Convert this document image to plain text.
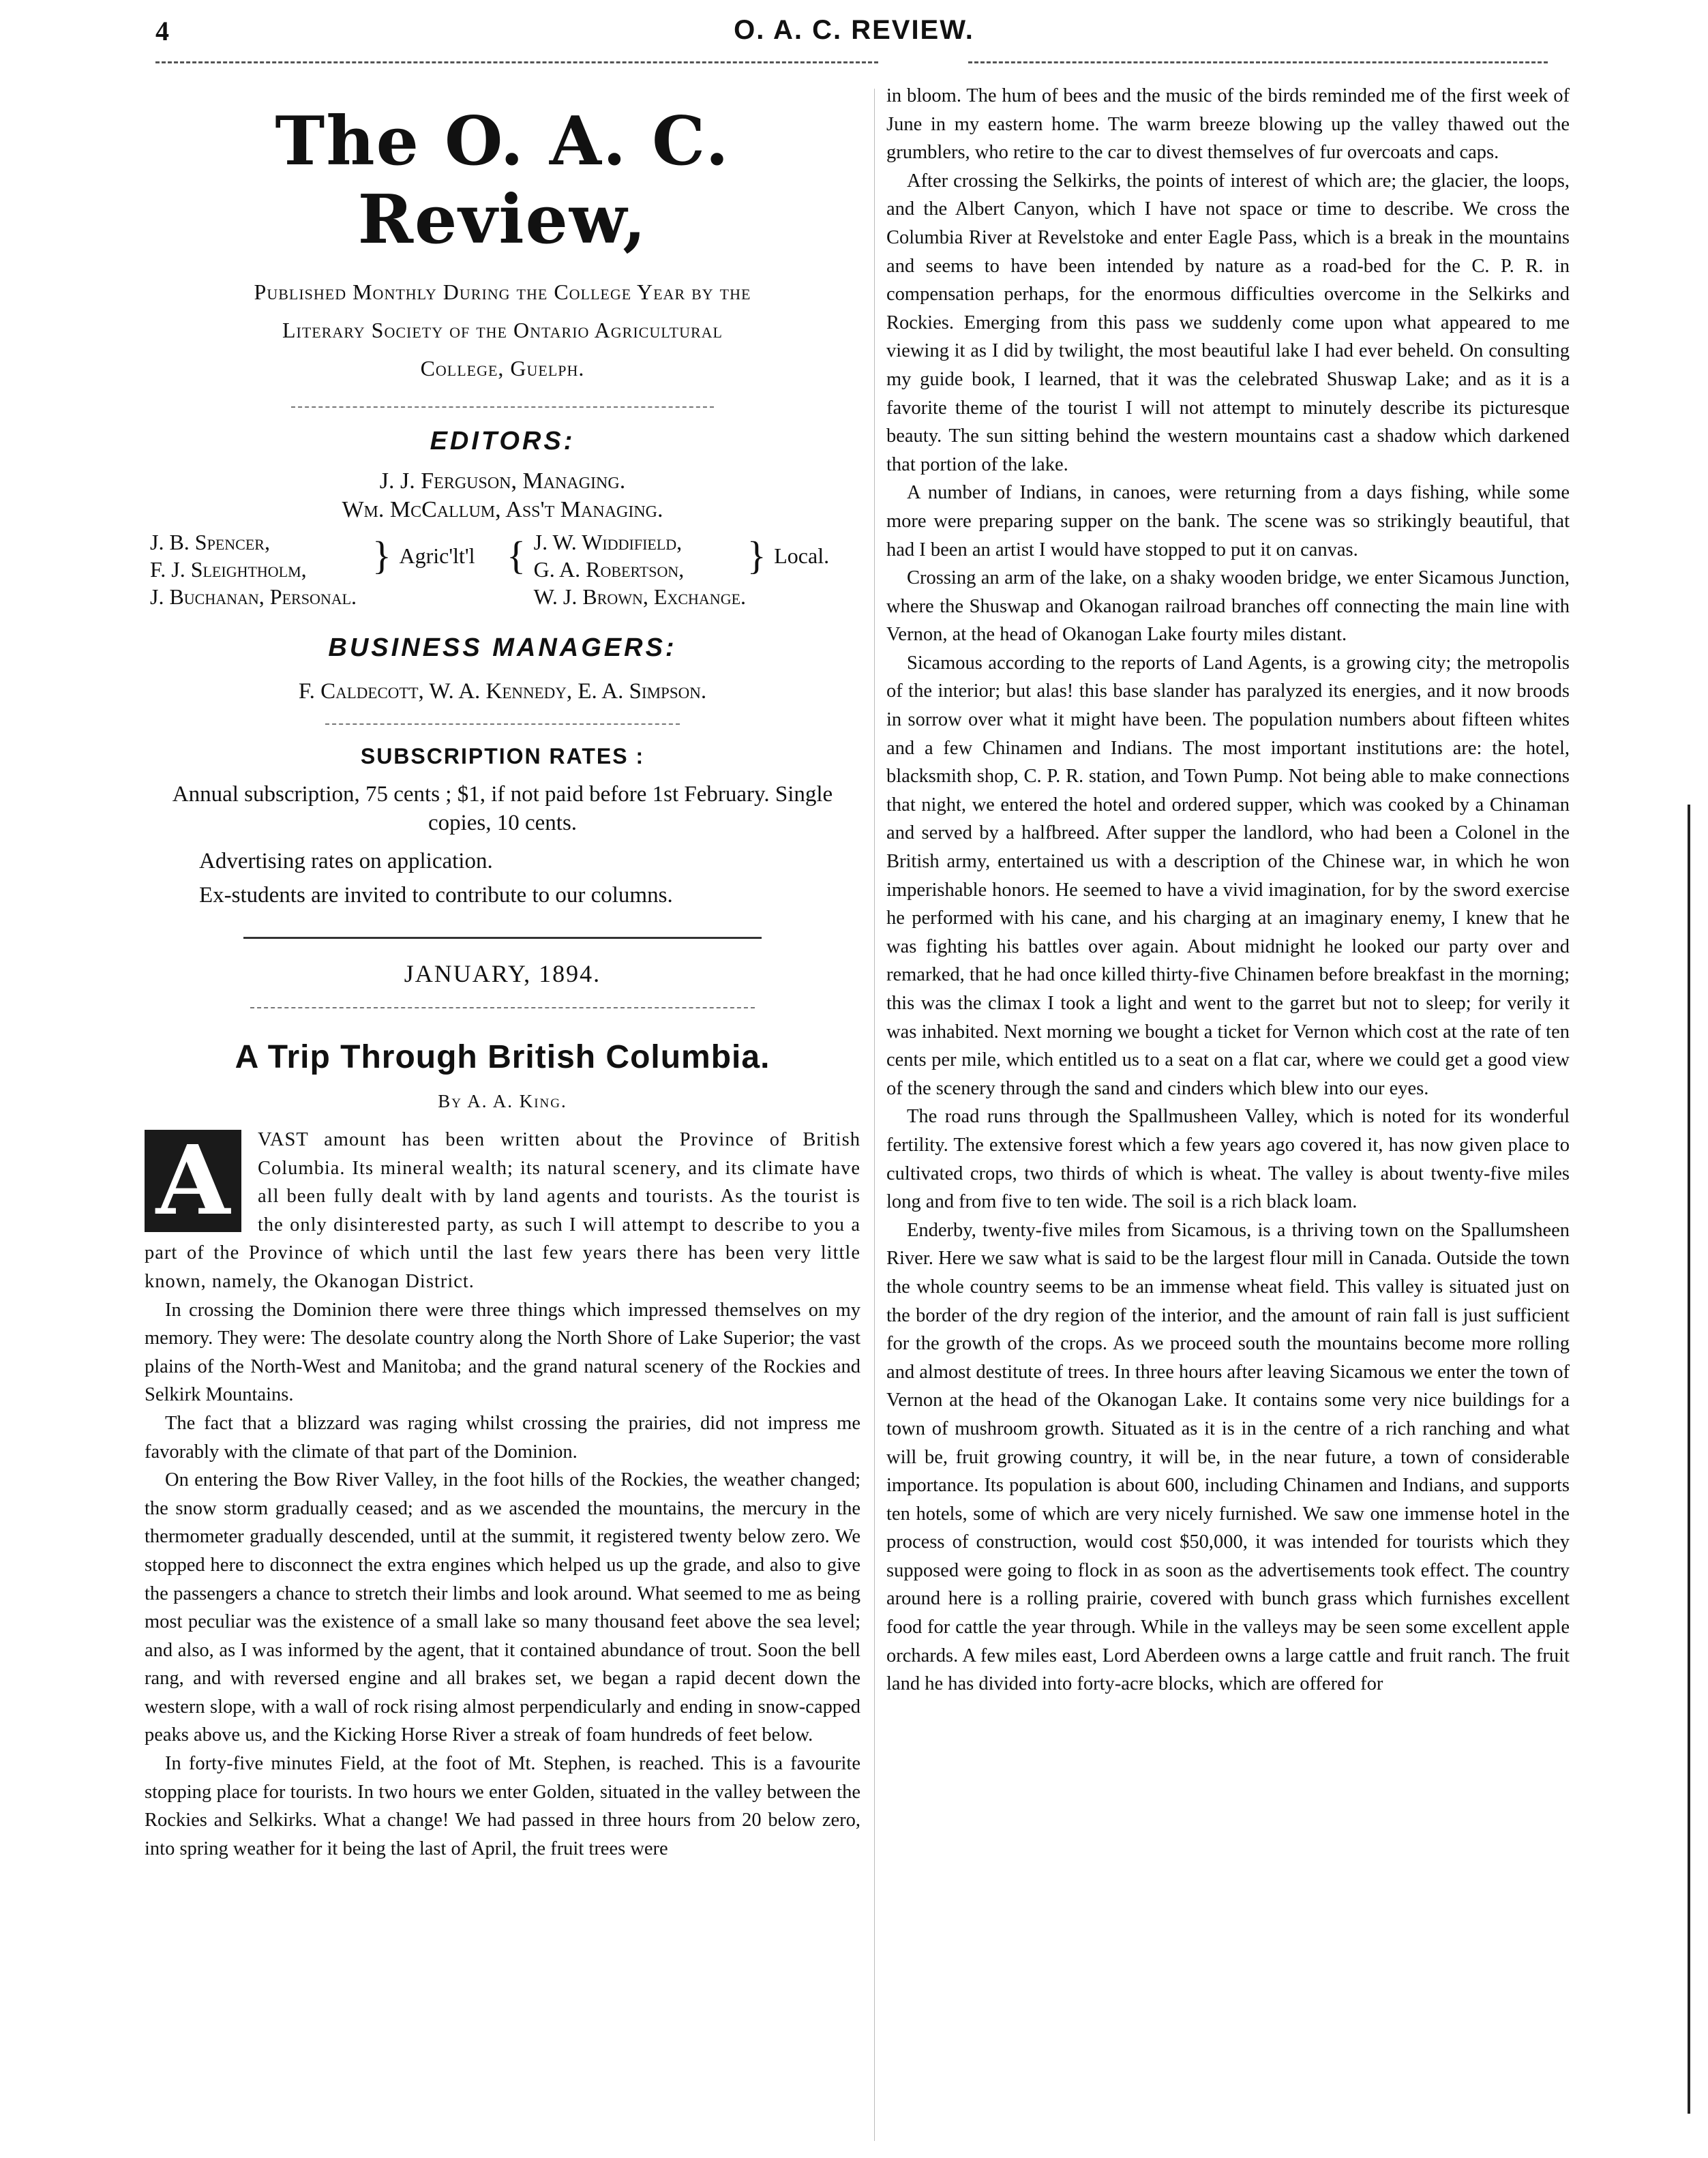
4	O. A. C. REVIEW.
The O. A. C. Review,

Published Monthly During the College Year by the

Literary Society of the Ontario Agricultural

College, Guelph.

EDITORS:

J. J. Ferguson, Managing.

Wm. McCallum, Ass't Managing.

J. B. Spencer,	}	Agric'lt'l	{	J. W. Widdifield,	}	Local.
F. J. Sleightholm,				G. A. Robertson,		
J. Buchanan, Personal.				W. J. Brown, Exchange.		
BUSINESS MANAGERS:

F. Caldecott, W. A. Kennedy, E. A. Simpson.

SUBSCRIPTION RATES :

Annual subscription, 75 cents ; $1, if not paid before 1st February. Single copies, 10 cents.

Advertising rates on application.

Ex-students are invited to contribute to our columns.

JANUARY, 1894.
A Trip Through British Columbia.
By A. A. King.
A	VAST amount has been written about the Province of British Columbia. Its mineral wealth; its natural scenery, and its climate have all been fully dealt with by land agents and tourists. As the tourist is the only disinterested party, as such I will attempt to describe to you a part of the Province of which until the last few years there has been very little known, namely, the Okanogan District.

In crossing the Dominion there were three things which impressed themselves on my memory. They were: The desolate country along the North Shore of Lake Superior; the vast plains of the North-West and Manitoba; and the grand natural scenery of the Rockies and Selkirk Mountains.

The fact that a blizzard was raging whilst crossing the prairies, did not impress me favorably with the climate of that part of the Dominion.

On entering the Bow River Valley, in the foot hills of the Rockies, the weather changed; the snow storm gradually ceased; and as we ascended the mountains, the mercury in the thermometer gradually descended, until at the summit, it registered twenty below zero. We stopped here to disconnect the extra engines which helped us up the grade, and also to give the passengers a chance to stretch their limbs and look around. What seemed to me as being most peculiar was the existence of a small lake so many thousand feet above the sea level; and also, as I was informed by the agent, that it contained abundance of trout. Soon the bell rang, and with reversed engine and all brakes set, we began a rapid decent down the western slope, with a wall of rock rising almost perpendicularly and ending in snow-capped peaks above us, and the Kicking Horse River a streak of foam hundreds of feet below.

In forty-five minutes Field, at the foot of Mt. Stephen, is reached. This is a favourite stopping place for tourists. In two hours we enter Golden, situated in the valley between the Rockies and Selkirks. What a change! We had passed in three hours from 20 below zero, into spring weather for it being the last of April, the fruit trees were

in bloom. The hum of bees and the music of the birds reminded me of the first week of June in my eastern home. The warm breeze blowing up the valley thawed out the grumblers, who retire to the car to divest themselves of fur overcoats and caps.

After crossing the Selkirks, the points of interest of which are; the glacier, the loops, and the Albert Canyon, which I have not space or time to describe. We cross the Columbia River at Revelstoke and enter Eagle Pass, which is a break in the mountains and seems to have been intended by nature as a road-bed for the C. P. R. in compensation perhaps, for the enormous difficulties overcome in the Selkirks and Rockies. Emerging from this pass we suddenly come upon what appeared to me viewing it as I did by twilight, the most beautiful lake I had ever beheld. On consulting my guide book, I learned, that it was the celebrated Shuswap Lake; and as it is a favorite theme of the tourist I will not attempt to minutely describe its picturesque beauty. The sun sitting behind the western mountains cast a shadow which darkened that portion of the lake.

A number of Indians, in canoes, were returning from a days fishing, while some more were preparing supper on the bank. The scene was so strikingly beautiful, that had I been an artist I would have stopped to put it on canvas.

Crossing an arm of the lake, on a shaky wooden bridge, we enter Sicamous Junction, where the Shuswap and Okanogan railroad branches off connecting the main line with Vernon, at the head of Okanogan Lake fourty miles distant.

Sicamous according to the reports of Land Agents, is a growing city; the metropolis of the interior; but alas! this base slander has paralyzed its energies, and it now broods in sorrow over what it might have been. The population numbers about fifteen whites and a few Chinamen and Indians. The most important institutions are: the hotel, blacksmith shop, C. P. R. station, and Town Pump. Not being able to make connections that night, we entered the hotel and ordered supper, which was cooked by a Chinaman and served by a halfbreed. After supper the landlord, who had been a Colonel in the British army, entertained us with a description of the Chinese war, in which he won imperishable honors. He seemed to have a vivid imagination, for by the sword exercise he performed with his cane, and his charging at an imaginary enemy, I knew that he was fighting his battles over again. About midnight he looked our party over and remarked, that he had once killed thirty-five Chinamen before breakfast in the morning; this was the climax I took a light and went to the garret but not to sleep; for verily it was inhabited. Next morning we bought a ticket for Vernon which cost at the rate of ten cents per mile, which entitled us to a seat on a flat car, where we could get a good view of the scenery through the sand and cinders which blew into our eyes.

The road runs through the Spallmusheen Valley, which is noted for its wonderful fertility. The extensive forest which a few years ago covered it, has now given place to cultivated crops, two thirds of which is wheat. The valley is about twenty-five miles long and from five to ten wide. The soil is a rich black loam.

Enderby, twenty-five miles from Sicamous, is a thriving town on the Spallumsheen River. Here we saw what is said to be the largest flour mill in Canada. Outside the town the whole country seems to be an immense wheat field. This valley is situated just on the border of the dry region of the interior, and the amount of rain fall is just sufficient for the growth of the crops. As we proceed south the mountains become more rolling and almost destitute of trees. In three hours after leaving Sicamous we enter the town of Vernon at the head of the Okanogan Lake. It contains some very nice buildings for a town of mushroom growth. Situated as it is in the centre of a rich ranching and what will be, fruit growing country, it will be, in the near future, a town of considerable importance. Its population is about 600, including Chinamen and Indians, and supports ten hotels, some of which are very nicely furnished. We saw one immense hotel in the process of construction, would cost $50,000, it was intended for tourists which they supposed were going to flock in as soon as the advertisements took effect. The country around here is a rolling prairie, covered with bunch grass which furnishes excellent food for cattle the year through. While in the valleys may be seen some excellent apple orchards. A few miles east, Lord Aberdeen owns a large cattle and fruit ranch. The fruit land he has divided into forty-acre blocks, which are offered for
